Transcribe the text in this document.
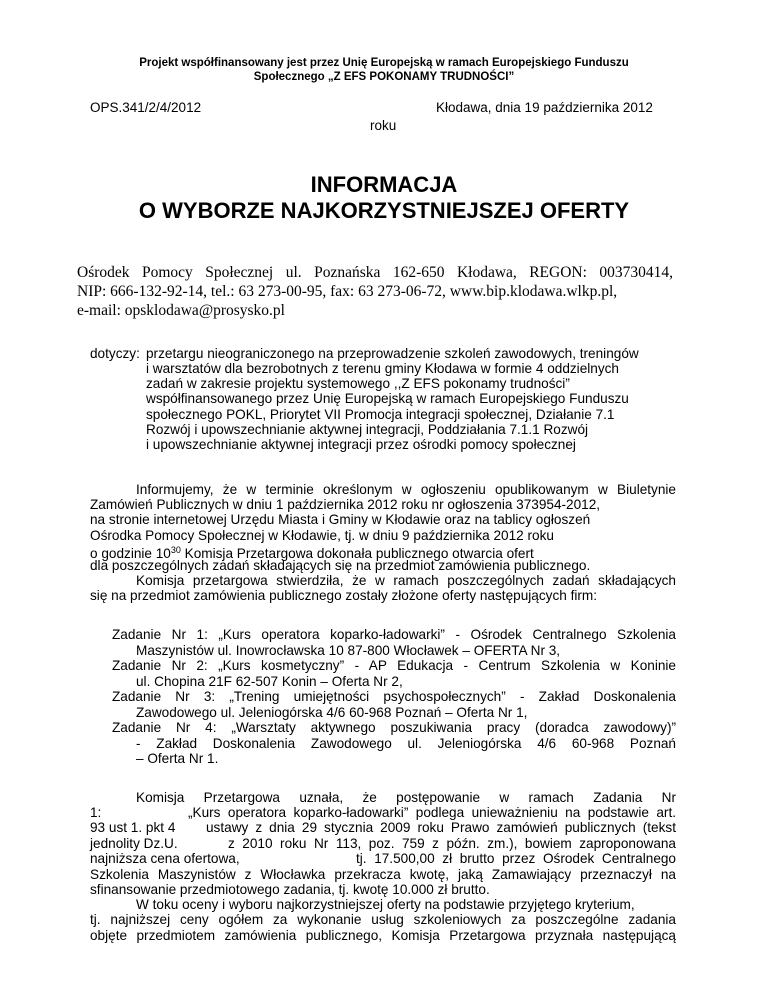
Projekt współfinansowany jest przez Unię Europejską w ramach Europejskiego Funduszu
Społecznego „Z EFS POKONAMY TRUDNOŚCI”
OPS.341/2/4/2012	Kłodawa, dnia 19 października 2012
roku
INFORMACJA
O WYBORZE NAJKORZYSTNIEJSZEJ OFERTY
Ośrodek Pomocy Społecznej ul. Poznańska 162-650 Kłodawa, REGON: 003730414,
NIP: 666-132-92-14, tel.: 63 273-00-95, fax: 63 273-06-72, www.bip.klodawa.wlkp.pl,
e-mail: opsklodawa@prosysko.pl
dotyczy: przetargu nieograniczonego na przeprowadzenie szkoleń zawodowych, treningów
i warsztatów dla bezrobotnych z terenu gminy Kłodawa w formie 4 oddzielnych
zadań w zakresie projektu systemowego ,,Z EFS pokonamy trudności”
współfinansowanego przez Unię Europejską w ramach Europejskiego Funduszu
społecznego POKL, Priorytet VII Promocja integracji społecznej, Działanie 7.1
Rozwój i upowszechnianie aktywnej integracji, Poddziałania 7.1.1 Rozwój
i upowszechnianie aktywnej integracji przez ośrodki pomocy społecznej
Informujemy, że w terminie określonym w ogłoszeniu opublikowanym w Biuletynie
Zamówień Publicznych w dniu 1 października 2012 roku nr ogłoszenia 373954-2012,
na stronie internetowej Urzędu Miasta i Gminy w Kłodawie oraz na tablicy ogłoszeń
Ośrodka Pomocy Społecznej w Kłodawie, tj. w dniu 9 października 2012 roku
o godzinie $10^{30}$ Komisja Przetargowa dokonała publicznego otwarcia ofert
dla poszczególnych zadań składających się na przedmiot zamówienia publicznego.
Komisja przetargowa stwierdziła, że w ramach poszczególnych zadań składających
się na przedmiot zamówienia publicznego zostały złożone oferty następujących firm:
Zadanie Nr 1: „Kurs operatora koparko-ładowarki” - Ośrodek Centralnego Szkolenia
Maszynistów ul. Inowrocławska 10 87-800 Włocławek – OFERTA Nr 3,
Zadanie Nr 2: „Kurs kosmetyczny” - AP Edukacja - Centrum Szkolenia w Koninie
ul. Chopina 21F 62-507 Konin – Oferta Nr 2,
Zadanie Nr 3: „Trening umiejętności psychospołecznych” - Zakład Doskonalenia
Zawodowego ul. Jeleniogórska 4/6 60-968 Poznań – Oferta Nr 1,
Zadanie Nr 4: „Warsztaty aktywnego poszukiwania pracy (doradca zawodowy)”
- Zakład Doskonalenia Zawodowego ul. Jeleniogórska 4/6 60-968 Poznań
– Oferta Nr 1.
Komisja Przetargowa uznała, że postępowanie w ramach Zadania Nr
1:	„Kurs operatora koparko-ładowarki” podlega unieważnieniu na podstawie art.
93 ust 1. pkt 4 ustawy z dnia 29 stycznia 2009 roku Prawo zamówień publicznych (tekst
jednolity Dz.U.	z 2010 roku Nr 113, poz. 759 z późn. zm.), bowiem zaproponowana
najniższa cena ofertowa,	tj. 17.500,00 zł brutto przez Ośrodek Centralnego
Szkolenia Maszynistów z Włocławka przekracza kwotę, jaką Zamawiający przeznaczył na
sfinansowanie przedmiotowego zadania, tj. kwotę 10.000 zł brutto.
W toku oceny i wyboru najkorzystniejszej oferty na podstawie przyjętego kryterium,
tj. najniższej ceny ogółem za wykonanie usług szkoleniowych za poszczególne zadania
objęte przedmiotem zamówienia publicznego, Komisja Przetargowa przyznała następującą
